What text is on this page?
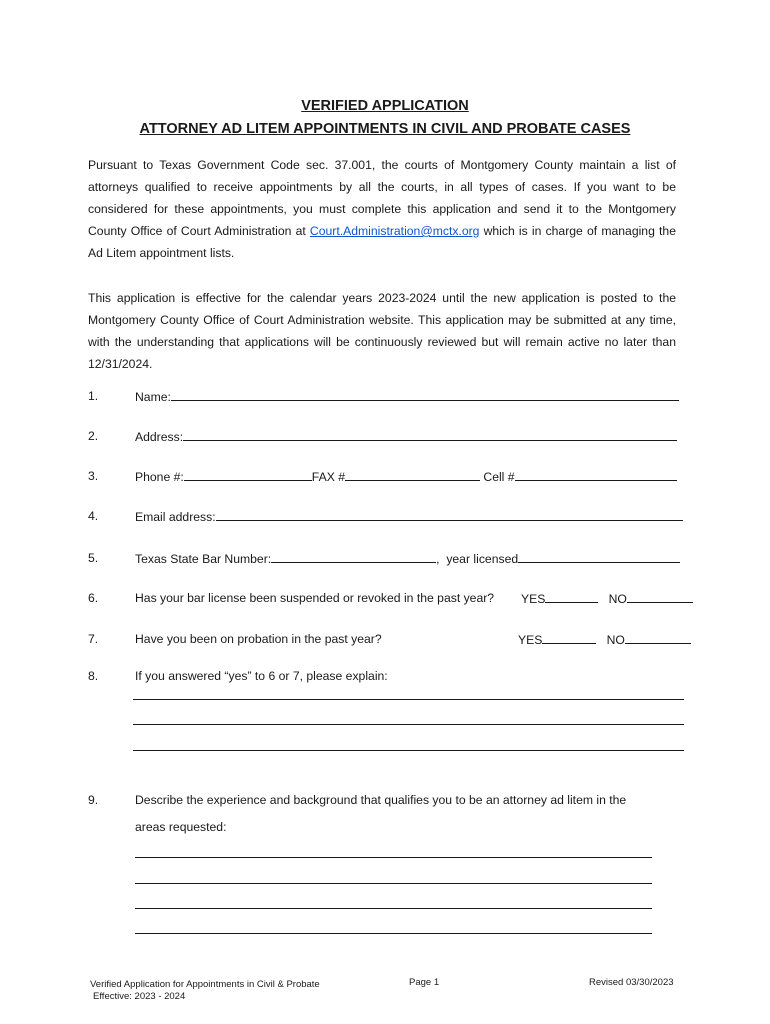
VERIFIED APPLICATION
ATTORNEY AD LITEM APPOINTMENTS IN CIVIL AND PROBATE CASES

Pursuant to Texas Government Code sec. 37.001, the courts of Montgomery County maintain a list of attorneys qualified to receive appointments by all the courts, in all types of cases. If you want to be considered for these appointments, you must complete this application and send it to the Montgomery County Office of Court Administration at Court.Administration@mctx.org which is in charge of managing the Ad Litem appointment lists.

This application is effective for the calendar years 2023-2024 until the new application is posted to the Montgomery County Office of Court Administration website. This application may be submitted at any time, with the understanding that applications will be continuously reviewed but will remain active no later than 12/31/2024.

1.	Name:
2.	Address:
3.	Phone #:	FAX #	Cell #
4.	Email address:
5.	Texas State Bar Number:	,  year licensed
6.	Has your bar license been suspended or revoked in the past year? YES	NO
7.	Have you been on probation in the past year?	YES	NO
8.	If you answered “yes” to 6 or 7, please explain:
9.	Describe the experience and background that qualifies you to be an attorney ad litem in the
areas requested:
Verified Application for Appointments in Civil & Probate
Effective: 2023 - 2024
Page 1	Revised 03/30/2023
